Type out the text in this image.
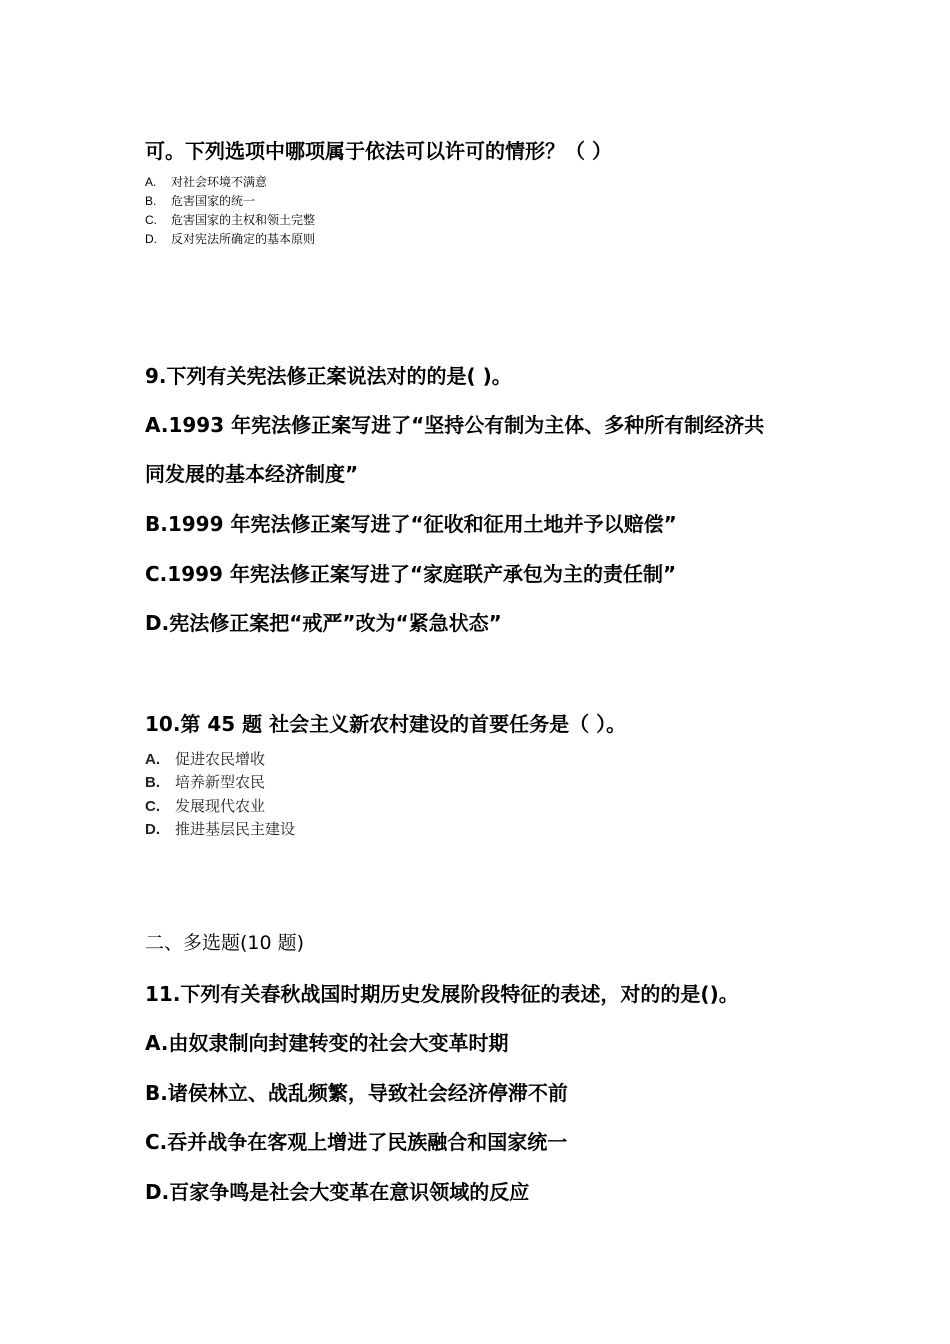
可。下列选项中哪项属于依法可以许可的情形？（ ）
A. 对社会环境不满意
B. 危害国家的统一
C. 危害国家的主权和领土完整
D. 反对宪法所确定的基本原则
9.下列有关宪法修正案说法对的的是( )。
A.1993 年宪法修正案写进了“坚持公有制为主体、多种所有制经济共
同发展的基本经济制度”
B.1999 年宪法修正案写进了“征收和征用土地并予以赔偿”
C.1999 年宪法修正案写进了“家庭联产承包为主的责任制”
D.宪法修正案把“戒严”改为“紧急状态”
10.第 45 题 社会主义新农村建设的首要任务是（ ）。
A. 促进农民增收
B. 培养新型农民
C. 发展现代农业
D. 推进基层民主建设
二、多选题(10 题)
11.下列有关春秋战国时期历史发展阶段特征的表述，对的的是()。
A.由奴隶制向封建转变的社会大变革时期
B.诸侯林立、战乱频繁，导致社会经济停滞不前
C.吞并战争在客观上增进了民族融合和国家统一
D.百家争鸣是社会大变革在意识领域的反应
